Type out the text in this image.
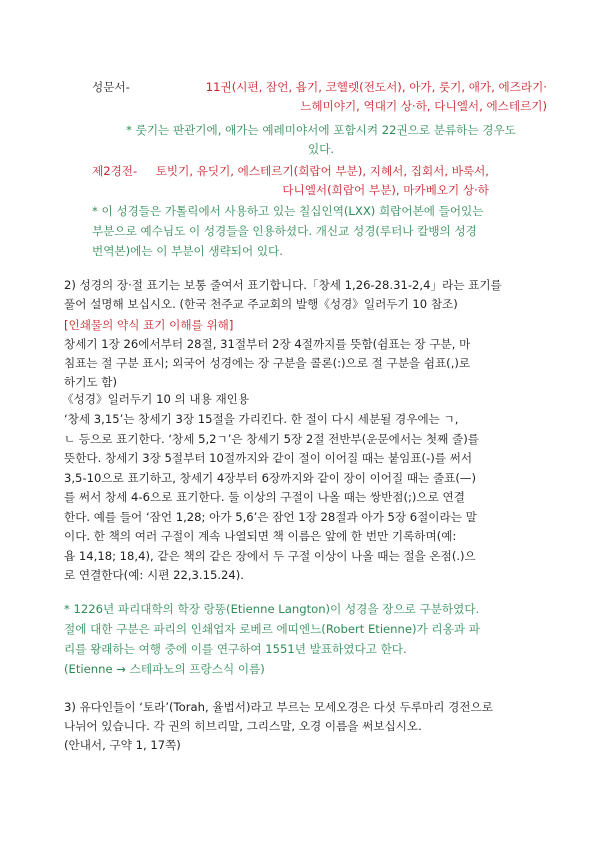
성문서-	11권(시편, 잠언, 욥기, 코헬렛(전도서), 아가, 룻기, 애가, 에즈라기·
느헤미야기, 역대기 상·하, 다니엘서, 에스테르기)
* 룻기는 판관기에, 애가는 예레미야서에 포함시켜 22권으로 분류하는 경우도
있다.
제2경전-	토빗기, 유딧기, 에스테르기(희랍어 부분), 지혜서, 집회서, 바룩서,
다니엘서(희랍어 부분), 마카베오기 상·하
* 이 성경들은 가톨릭에서 사용하고 있는 칠십인역(LXX) 희랍어본에 들어있는
부분으로 예수님도 이 성경들을 인용하셨다. 개신교 성경(루터나 칼뱅의 성경
번역본)에는 이 부분이 생략되어 있다.
2) 성경의 장·절 표기는 보통 줄여서 표기합니다.「창세 1,26-28.31-2,4」라는 표기를
풀어 설명해 보십시오. (한국 천주교 주교회의 발행《성경》일러두기 10 참조)
[인쇄물의 약식 표기 이해를 위해]
창세기 1장 26에서부터 28절, 31절부터 2장 4절까지를 뜻함(쉼표는 장 구분, 마
침표는 절 구분 표시; 외국어 성경에는 장 구분을 콜론(:)으로 절 구분을 쉼표(,)로
하기도 함)
《성경》일러두기 10 의 내용 재인용
‘창세 3,15’는 창세기 3장 15절을 가리킨다. 한 절이 다시 세분될 경우에는 ㄱ,
ㄴ 등으로 표기한다. ‘창세 5,2ㄱ’은 창세기 5장 2절 전반부(운문에서는 첫째 줄)를
뜻한다. 창세기 3장 5절부터 10절까지와 같이 절이 이어질 때는 붙임표(-)를 써서
3,5-10으로 표기하고, 창세기 4장부터 6장까지와 같이 장이 이어질 때는 줄표(—)
를 써서 창세 4-6으로 표기한다. 둘 이상의 구절이 나올 때는 쌍반점(;)으로 연결
한다. 예를 들어 ‘잠언 1,28; 아가 5,6’은 잠언 1장 28절과 아가 5장 6절이라는 말
이다. 한 책의 여러 구절이 계속 나열되면 책 이름은 앞에 한 번만 기록하며(예:
욥 14,18; 18,4), 같은 책의 같은 장에서 두 구절 이상이 나올 때는 절을 온점(.)으
로 연결한다(예: 시편 22,3.15.24).
* 1226년 파리대학의 학장 랑똥(Etienne Langton)이 성경을 장으로 구분하였다.
절에 대한 구분은 파리의 인쇄업자 로베르 에띠엔느(Robert Etienne)가 리옹과 파
리를 왕래하는 여행 중에 이를 연구하여 1551년 발표하였다고 한다.
(Etienne → 스테파노의 프랑스식 이름)
3) 유다인들이 ‘토라’(Torah, 율법서)라고 부르는 모세오경은 다섯 두루마리 경전으로
나뉘어 있습니다. 각 권의 히브리말, 그리스말, 오경 이름을 써보십시오.
(안내서, 구약 1, 17쪽)
